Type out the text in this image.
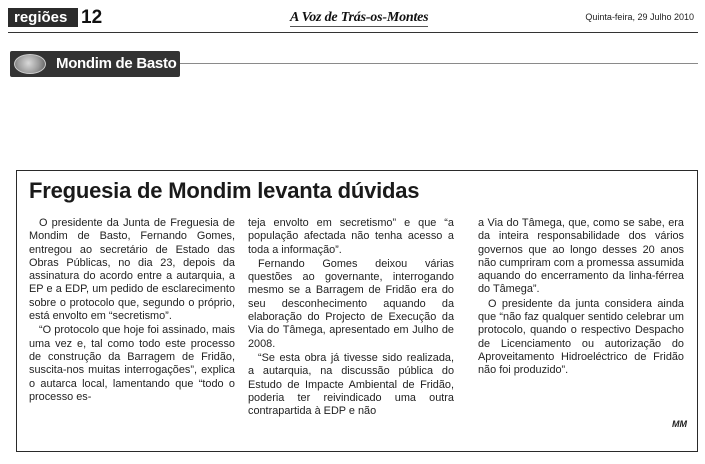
regiões 12	A Voz de Trás-os-Montes	Quinta-feira, 29 Julho 2010
Mondim de Basto
Freguesia de Mondim levanta dúvidas

O presidente da Junta de Freguesia de Mondim de Basto, Fernando Gomes, entregou ao secretário de Estado das Obras Públicas, no dia 23, depois da assinatura do acordo entre a autarquia, a EP e a EDP, um pedido de esclarecimento sobre o protocolo que, segundo o próprio, está envolto em “secretismo”.

“O protocolo que hoje foi assinado, mais uma vez e, tal como todo este processo de construção da Barragem de Fridão, suscita-nos muitas interrogações”, explica o autarca local, lamentando que “todo o processo es-

teja envolto em secretismo” e que “a população afectada não tenha acesso a toda a informação”.

Fernando Gomes deixou várias questões ao governante, interrogando mesmo se a Barragem de Fridão era do seu desconhecimento aquando da elaboração do Projecto de Execução da Via do Tâmega, apresentado em Julho de 2008.

“Se esta obra já tivesse sido realizada, a autarquia, na discussão pública do Estudo de Impacte Ambiental de Fridão, poderia ter reivindicado uma outra contrapartida à EDP e não

a Via do Tâmega, que, como se sabe, era da inteira responsabilidade dos vários governos que ao longo desses 20 anos não cumpriram com a promessa assumida aquando do encerramento da linha-férrea do Tâmega”.

O presidente da junta considera ainda que “não faz qualquer sentido celebrar um protocolo, quando o respectivo Despacho de Licenciamento ou autorização do Aproveitamento Hidroeléctrico de Fridão não foi produzido”.

MM
